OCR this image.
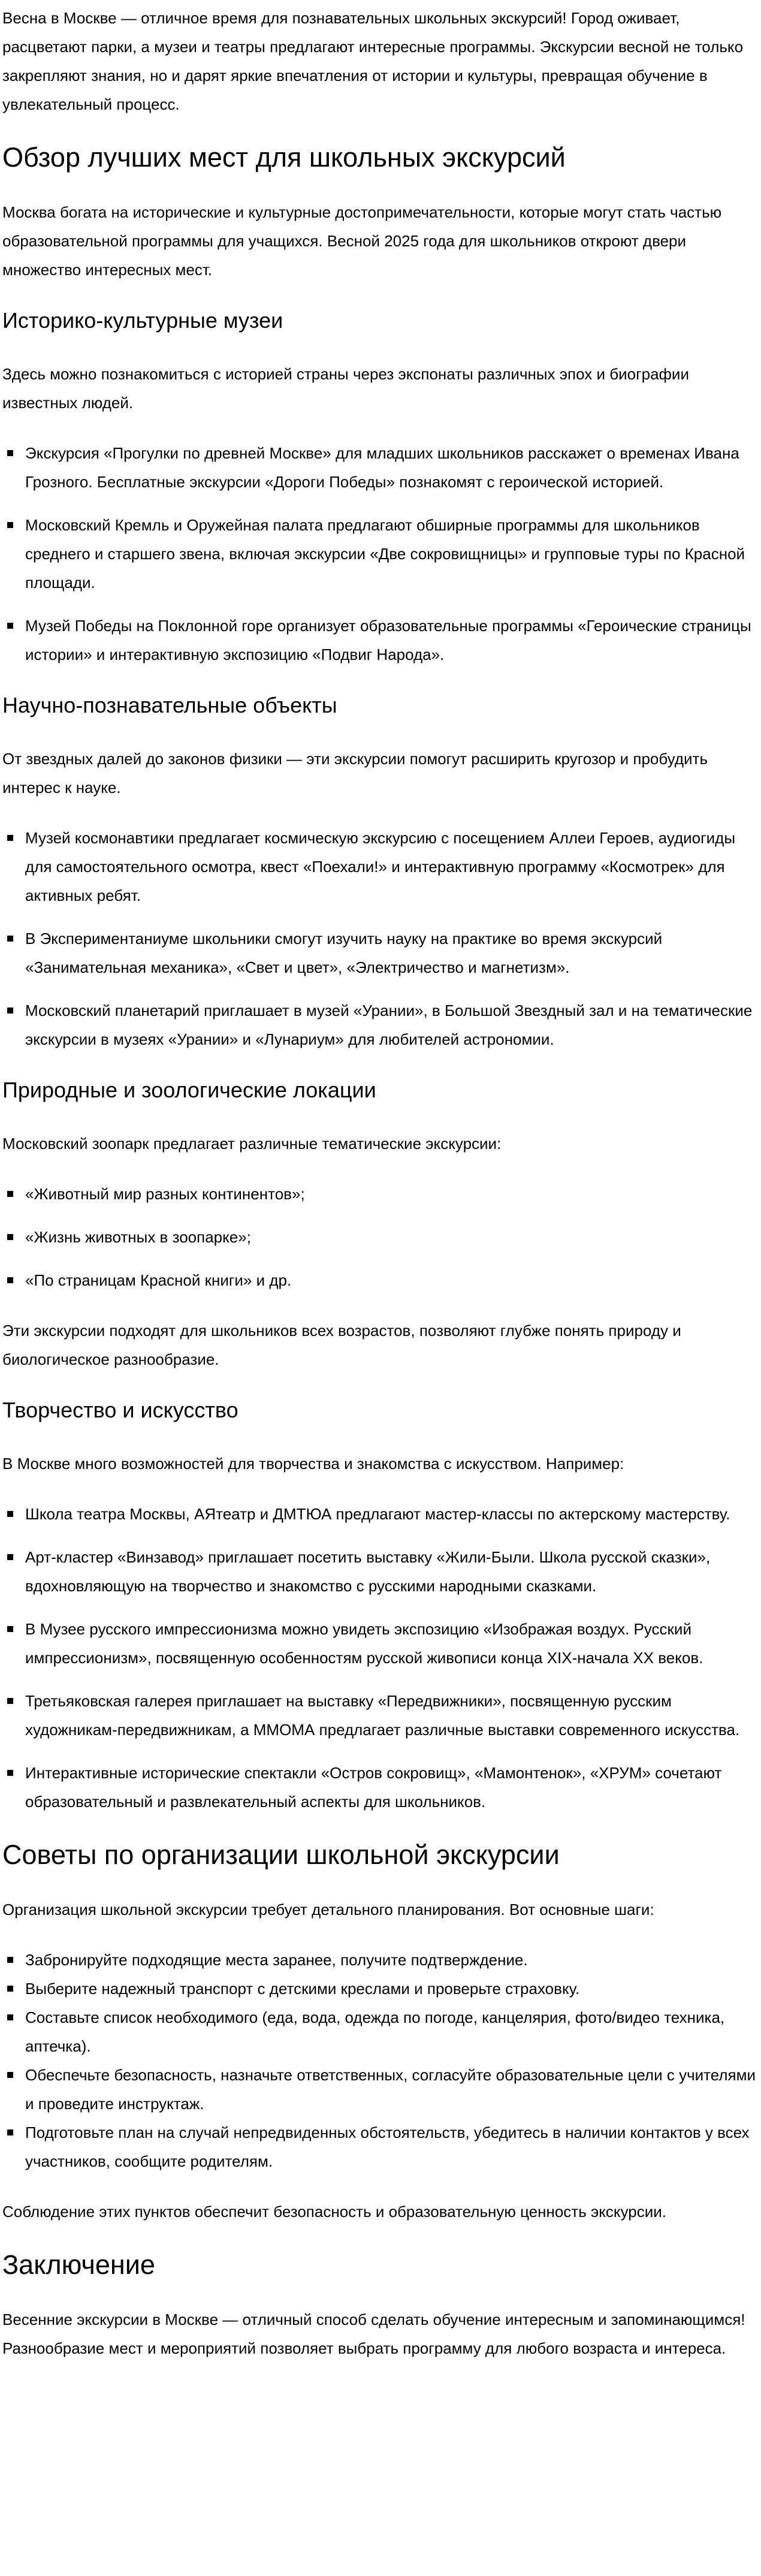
Весна в Москве — отличное время для познавательных школьных экскурсий! Город оживает, расцветают парки, а музеи и театры предлагают интересные программы. Экскурсии весной не только закрепляют знания, но и дарят яркие впечатления от истории и культуры, превращая обучение в увлекательный процесс.

Обзор лучших мест для школьных экскурсий

Москва богата на исторические и культурные достопримечательности, которые могут стать частью образовательной программы для учащихся. Весной 2025 года для школьников откроют двери множество интересных мест.

Историко-культурные музеи

Здесь можно познакомиться с историей страны через экспонаты различных эпох и биографии известных людей.

Экскурсия «Прогулки по древней Москве» для младших школьников расскажет о временах Ивана Грозного. Бесплатные экскурсии «Дороги Победы» познакомят с героической историей.
Московский Кремль и Оружейная палата предлагают обширные программы для школьников среднего и старшего звена, включая экскурсии «Две сокровищницы» и групповые туры по Красной площади.
Музей Победы на Поклонной горе организует образовательные программы «Героические страницы истории» и интерактивную экспозицию «Подвиг Народа».
Научно-познавательные объекты

От звездных далей до законов физики — эти экскурсии помогут расширить кругозор и пробудить интерес к науке.

Музей космонавтики предлагает космическую экскурсию с посещением Аллеи Героев, аудиогиды для самостоятельного осмотра, квест «Поехали!» и интерактивную программу «Космотрек» для активных ребят.
В Экспериментаниуме школьники смогут изучить науку на практике во время экскурсий «Занимательная механика», «Свет и цвет», «Электричество и магнетизм».
Московский планетарий приглашает в музей «Урании», в Большой Звездный зал и на тематические экскурсии в музеях «Урании» и «Лунариум» для любителей астрономии.
Природные и зоологические локации

Московский зоопарк предлагает различные тематические экскурсии:

«Животный мир разных континентов»;
«Жизнь животных в зоопарке»;
«По страницам Красной книги» и др.

Эти экскурсии подходят для школьников всех возрастов, позволяют глубже понять природу и биологическое разнообразие.

Творчество и искусство

В Москве много возможностей для творчества и знакомства с искусством. Например:

Школа театра Москвы, АЯтеатр и ДМТЮА предлагают мастер-классы по актерскому мастерству.
Арт-кластер «Винзавод» приглашает посетить выставку «Жили-Были. Школа русской сказки», вдохновляющую на творчество и знакомство с русскими народными сказками.
В Музее русского импрессионизма можно увидеть экспозицию «Изображая воздух. Русский импрессионизм», посвященную особенностям русской живописи конца XIX-начала XX веков.
Третьяковская галерея приглашает на выставку «Передвижники», посвященную русским художникам-передвижникам, а ММОМА предлагает различные выставки современного искусства.
Интерактивные исторические спектакли «Остров сокровищ», «Мамонтенок», «ХРУМ» сочетают образовательный и развлекательный аспекты для школьников.
Советы по организации школьной экскурсии

Организация школьной экскурсии требует детального планирования. Вот основные шаги:

Забронируйте подходящие места заранее, получите подтверждение.
Выберите надежный транспорт с детскими креслами и проверьте страховку.
Составьте список необходимого (еда, вода, одежда по погоде, канцелярия, фото/видео техника, аптечка).
Обеспечьте безопасность, назначьте ответственных, согласуйте образовательные цели с учителями и проведите инструктаж.
Подготовьте план на случай непредвиденных обстоятельств, убедитесь в наличии контактов у всех участников, сообщите родителям.

Соблюдение этих пунктов обеспечит безопасность и образовательную ценность экскурсии.

Заключение

Весенние экскурсии в Москве — отличный способ сделать обучение интересным и запоминающимся! Разнообразие мест и мероприятий позволяет выбрать программу для любого возраста и интереса.
